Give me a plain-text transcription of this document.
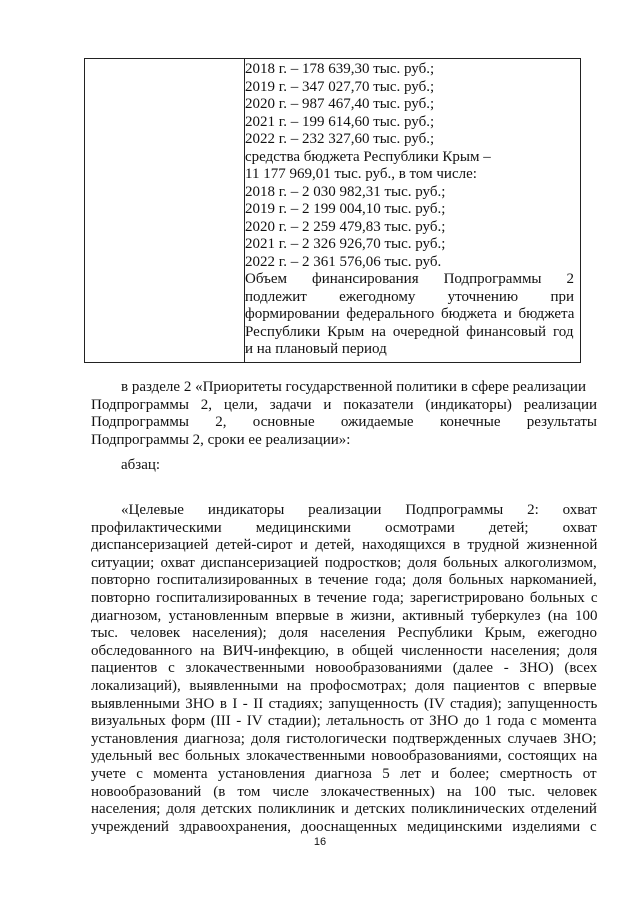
2018 г. – 178 639,30 тыс. руб.;
2019 г. – 347 027,70 тыс. руб.;
2020 г. – 987 467,40 тыс. руб.;
2021 г. – 199 614,60 тыс. руб.;
2022 г. – 232 327,60 тыс. руб.;
средства бюджета Республики Крым –
11 177 969,01 тыс. руб., в том числе:
2018 г. – 2 030 982,31 тыс. руб.;
2019 г. – 2 199 004,10 тыс. руб.;
2020 г. – 2 259 479,83 тыс. руб.;
2021 г. – 2 326 926,70 тыс. руб.;
2022 г. – 2 361 576,06 тыс. руб.
Объем финансирования Подпрограммы 2
подлежит ежегодному уточнению при
формировании федерального бюджета и бюджета
Республики Крым на очередной финансовый год
и на плановый период
в разделе 2 «Приоритеты государственной политики в сфере реализации
Подпрограммы 2, цели, задачи и показатели (индикаторы) реализации
Подпрограммы 2, основные ожидаемые конечные результаты
Подпрограммы 2, сроки ее реализации»:
абзац:
«Целевые индикаторы реализации Подпрограммы 2: охват
профилактическими медицинскими осмотрами детей; охват
диспансеризацией детей-сирот и детей, находящихся в трудной жизненной
ситуации; охват диспансеризацией подростков; доля больных алкоголизмом,
повторно госпитализированных в течение года; доля больных наркоманией,
повторно госпитализированных в течение года; зарегистрировано больных с
диагнозом, установленным впервые в жизни, активный туберкулез (на 100
тыс. человек населения); доля населения Республики Крым, ежегодно
обследованного на ВИЧ-инфекцию, в общей численности населения; доля
пациентов с злокачественными новообразованиями (далее - ЗНО) (всех
локализаций), выявленными на профосмотрах; доля пациентов с впервые
выявленными ЗНО в I - II стадиях; запущенность (IV стадия); запущенность
визуальных форм (III - IV стадии); летальность от ЗНО до 1 года с момента
установления диагноза; доля гистологически подтвержденных случаев ЗНО;
удельный вес больных злокачественными новообразованиями, состоящих на
учете с момента установления диагноза 5 лет и более; смертность от
новообразований (в том числе злокачественных) на 100 тыс. человек
населения; доля детских поликлиник и детских поликлинических отделений
учреждений здравоохранения, дооснащенных медицинскими изделиями с
16
